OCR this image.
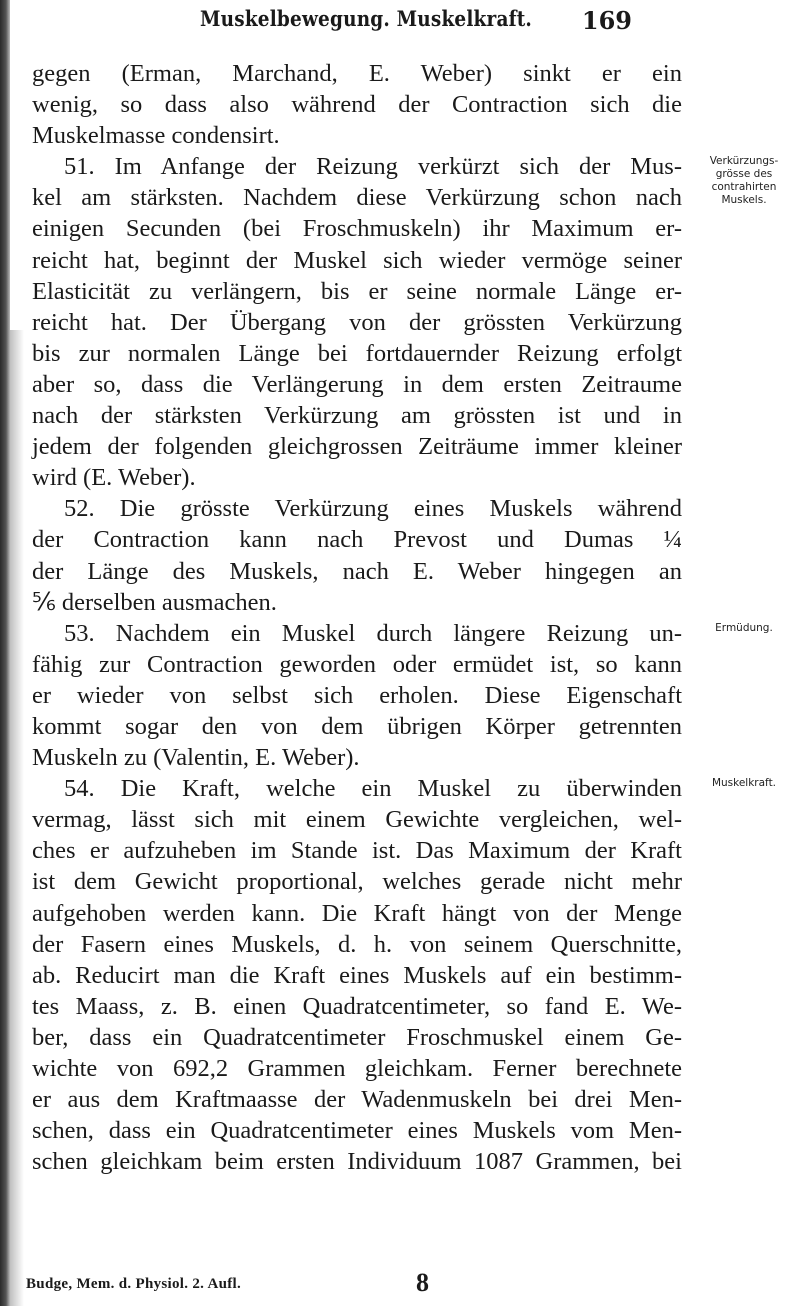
Muskelbewegung. Muskelkraft. 169
gegen (Erman, Marchand, E. Weber) sinkt er ein
wenig, so dass also während der Contraction sich die
Muskelmasse condensirt.
51. Im Anfange der Reizung verkürzt sich der Mus-
kel am stärksten. Nachdem diese Verkürzung schon nach
einigen Secunden (bei Froschmuskeln) ihr Maximum er-
reicht hat, beginnt der Muskel sich wieder vermöge seiner
Elasticität zu verlängern, bis er seine normale Länge er-
reicht hat. Der Übergang von der grössten Verkürzung
bis zur normalen Länge bei fortdauernder Reizung erfolgt
aber so, dass die Verlängerung in dem ersten Zeitraume
nach der stärksten Verkürzung am grössten ist und in
jedem der folgenden gleichgrossen Zeiträume immer kleiner
wird (E. Weber).
52. Die grösste Verkürzung eines Muskels während
der Contraction kann nach Prevost und Dumas ¼
der Länge des Muskels, nach E. Weber hingegen an
⅚ derselben ausmachen.
53. Nachdem ein Muskel durch längere Reizung un-
fähig zur Contraction geworden oder ermüdet ist, so kann
er wieder von selbst sich erholen. Diese Eigenschaft
kommt sogar den von dem übrigen Körper getrennten
Muskeln zu (Valentin, E. Weber).
54. Die Kraft, welche ein Muskel zu überwinden
vermag, lässt sich mit einem Gewichte vergleichen, wel-
ches er aufzuheben im Stande ist. Das Maximum der Kraft
ist dem Gewicht proportional, welches gerade nicht mehr
aufgehoben werden kann. Die Kraft hängt von der Menge
der Fasern eines Muskels, d. h. von seinem Querschnitte,
ab. Reducirt man die Kraft eines Muskels auf ein bestimm-
tes Maass, z. B. einen Quadratcentimeter, so fand E. We-
ber, dass ein Quadratcentimeter Froschmuskel einem Ge-
wichte von 692,2 Grammen gleichkam. Ferner berechnete
er aus dem Kraftmaasse der Wadenmuskeln bei drei Men-
schen, dass ein Quadratcentimeter eines Muskels vom Men-
schen gleichkam beim ersten Individuum 1087 Grammen, bei
Verkürzungs-
grösse des
contrahirten
Muskels.
Ermüdung.
Muskelkraft.
Budge, Mem. d. Physiol. 2. Aufl.	8
